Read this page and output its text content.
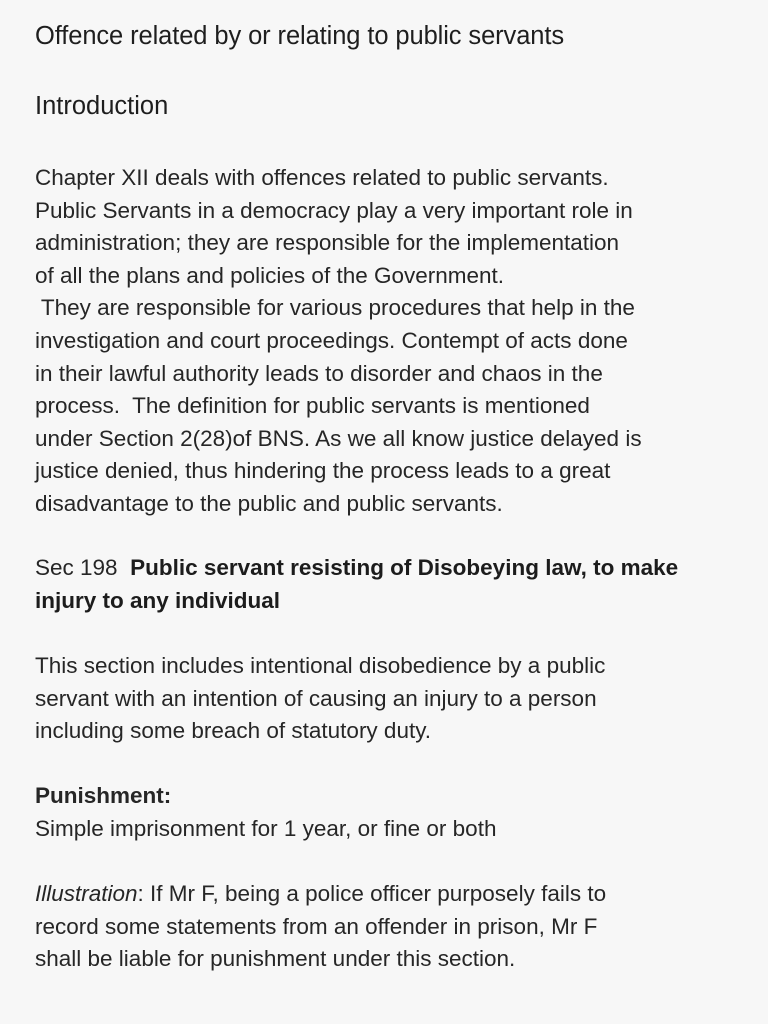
Offence related by or relating to public servants
Introduction

Chapter XII deals with offences related to public servants.
Public Servants in a democracy play a very important role in
administration; they are responsible for the implementation
of all the plans and policies of the Government.
They are responsible for various procedures that help in the
investigation and court proceedings. Contempt of acts done
in their lawful authority leads to disorder and chaos in the
process.  The definition for public servants is mentioned
under Section 2(28)of BNS. As we all know justice delayed is
justice denied, thus hindering the process leads to a great
disadvantage to the public and public servants.

Sec 198  Public servant resisting of Disobeying law, to make
injury to any individual

This section includes intentional disobedience by a public
servant with an intention of causing an injury to a person
including some breach of statutory duty.

Punishment:
Simple imprisonment for 1 year, or fine or both

Illustration: If Mr F, being a police officer purposely fails to
record some statements from an offender in prison, Mr F
shall be liable for punishment under this section.
